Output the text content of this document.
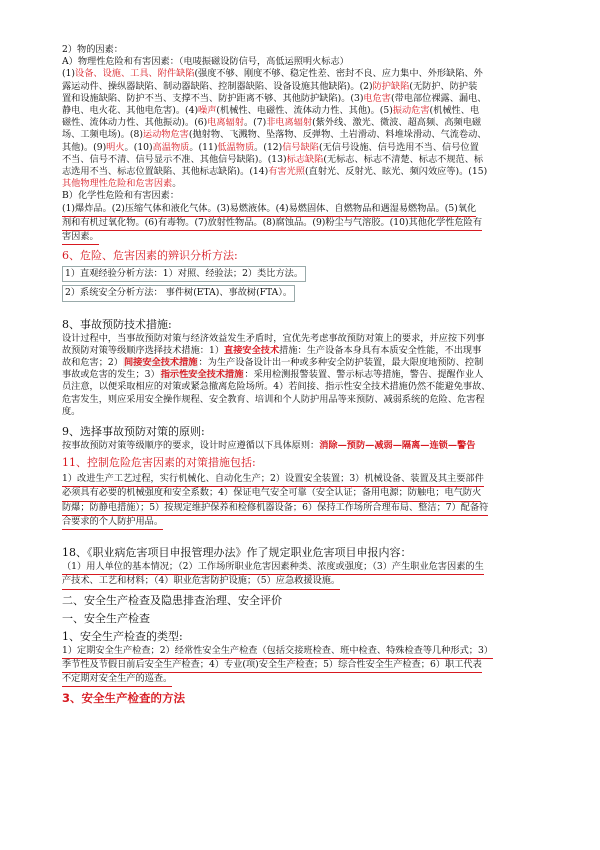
2）物的因素：

A）物理性危险和有害因素：（电唛振磁设防信号，高低运照明火标志）

(1)设备、设施、工具、附件缺陷(强度不够、刚度不够、稳定性差、密封不良、应力集中、外形缺陷、外

露运动件、操纵器缺陷、制动器缺陷、控制器缺陷、设备设施其他缺陷)。(2)防护缺陷(无防护、防护装

置和设施缺陷、防护不当、支撑不当、防护距离不够、其他防护缺陷)。(3)电危害(带电部位裸露、漏电、

静电、电火花、其他电危害)。(4)噪声(机械性、电磁性、流体动力性、其他)。(5)振动危害(机械性、电

磁性、流体动力性、其他振动)。(6)电离辐射。(7)非电离辐射(紫外线、激光、微波、超高频、高频电磁

场、工频电场)。(8)运动物危害(抛射物、飞溅物、坠落物、反弹物、土岩滑动、料堆垛滑动、气流卷动、

其他)。(9)明火。(10)高温物质。(11)低温物质。(12)信号缺陷(无信号设施、信号选用不当、信号位置

不当、信号不清、信号显示不准、其他信号缺陷)。(13)标志缺陷(无标志、标志不清楚、标志不规范、标

志选用不当、标志位置缺陷、其他标志缺陷)。(14)有害光照(直射光、反射光、眩光、频闪效应等)。(15)

其他物理性危险和危害因素。

B）化学性危险和有害因素：

(1)爆炸品。(2)压缩气体和液化气体。(3)易燃液体。(4)易燃固体、自燃物品和遇湿易燃物品。(5)氧化

剂和有机过氧化物。(6)有毒物。(7)放射性物品。(8)腐蚀品。(9)粉尘与气溶胶。(10)其他化学性危险有

害因素。

6、危险、危害因素的辨识分析方法:

1）直观经验分析方法：1）对照、经验法；2）类比方法。

2）系统安全分析方法： 事件树(ETA)、事故树(FTA）。

8、事故预防技术措施:

设计过程中，当事故预防对策与经济效益发生矛盾时，宜优先考虑事故预防对策上的要求，并应按下列事

故预防对策等级顺序选择技术措施：1）直接安全技术措施：生产设备本身具有本质安全性能，不出现事

故和危害；2）间接安全技术措施：为生产设备设计出一种或多种安全防护装置，最大限度地预防、控制

事故或危害的发生；3）指示性安全技术措施：采用检测报警装置、警示标志等措施，警告、提醒作业人

员注意，以便采取相应的对策或紧急撤离危险场所。4）若间接、指示性安全技术措施仍然不能避免事故、

危害发生，则应采用安全操作规程、安全教育、培训和个人防护用品等来预防、减弱系统的危险、危害程

度。

9、选择事故预防对策的原则:

按事故预防对策等级顺序的要求，设计时应遵循以下具体原则：消除—预防—减弱—隔离—连锁—警告

11、控制危险危害因素的对策措施包括:

1）改进生产工艺过程，实行机械化、自动化生产；2）设置安全装置；3）机械设备、装置及其主要部件

必须具有必要的机械强度和安全系数；4）保证电气安全可靠（安全认证；备用电源；防触电；电气防火

防爆；防静电措施）；5）按规定维护保养和检修机器设备；6）保持工作场所合理布局、整洁；7）配备符

合要求的个人防护用品。

18、《职业病危害项目申报管理办法》作了规定职业危害项目申报内容：

（1）用人单位的基本情况；（2）工作场所职业危害因素种类、浓度或强度；（3）产生职业危害因素的生

产技术、工艺和材料；（4）职业危害防护设施；（5）应急救援设施。

二、安全生产检查及隐患排查治理、安全评价
一、安全生产检查
1、安全生产检查的类型:

1）定期安全生产检查；2）经常性安全生产检查（包括交接班检查、班中检查、特殊检查等几种形式；3）

季节性及节假日前后安全生产检查；4）专业(项)安全生产检查；5）综合性安全生产检查；6）职工代表

不定期对安全生产的巡查。

3、安全生产检查的方法
